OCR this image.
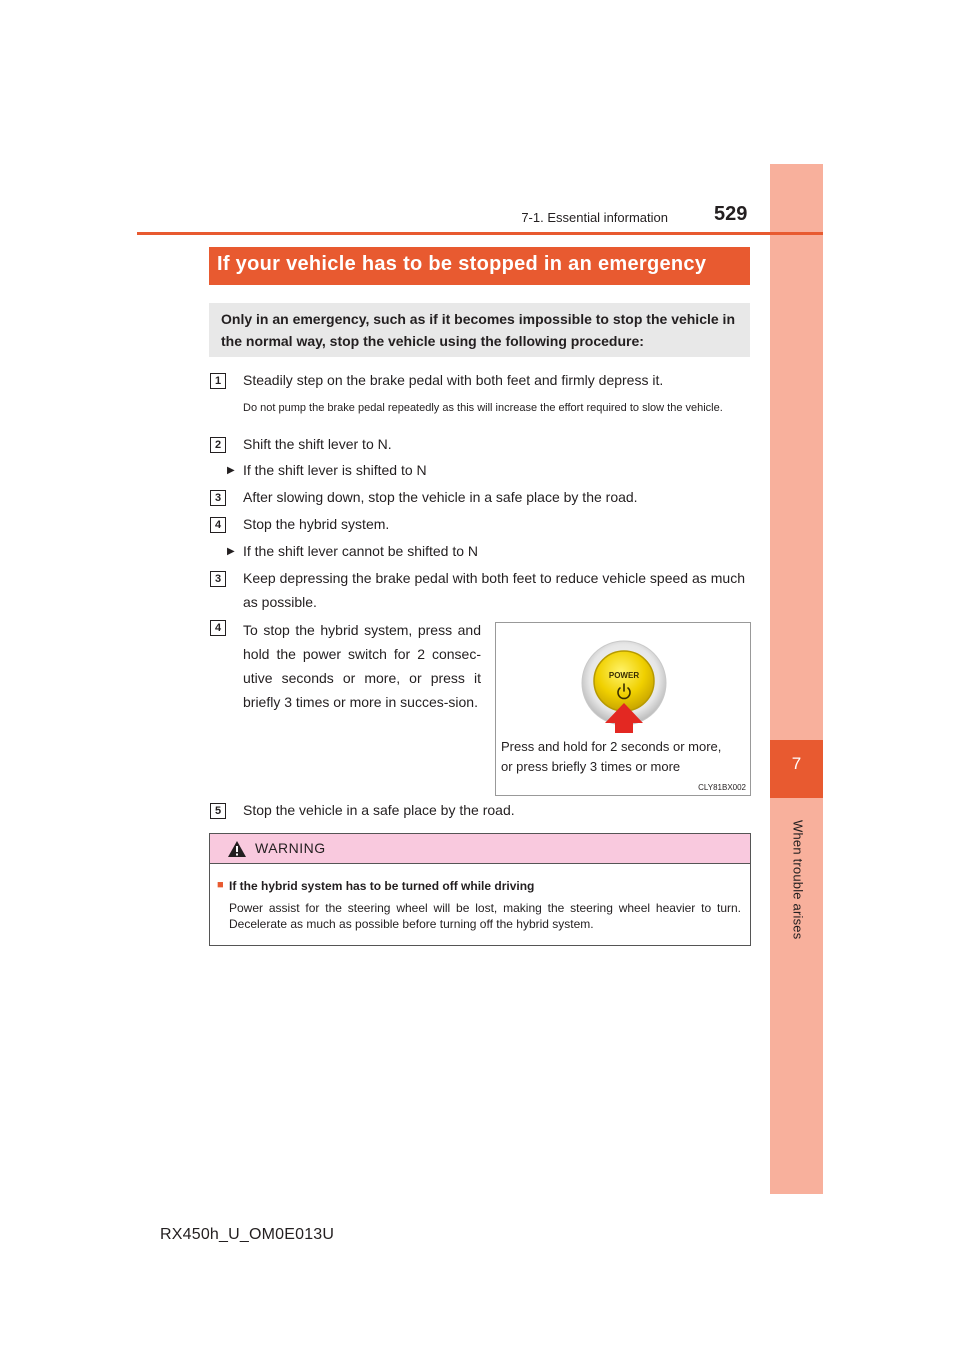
7
When trouble arises
7-1. Essential information 529
If your vehicle has to be stopped in an emergency
Only in an emergency, such as if it becomes impossible to stop the vehicle in the normal way, stop the vehicle using the following procedure:
1	Steadily step on the brake pedal with both feet and firmly depress it.
Do not pump the brake pedal repeatedly as this will increase the effort required to slow the vehicle.
2	Shift the shift lever to N.
▶ If the shift lever is shifted to N
3	After slowing down, stop the vehicle in a safe place by the road.
4	Stop the hybrid system.
▶ If the shift lever cannot be shifted to N
3	Keep depressing the brake pedal with both feet to reduce vehicle speed as much as possible.
4	To stop the hybrid system, press and hold the power switch for 2 consec-utive seconds or more, or press it briefly 3 times or more in succes-sion.
POWER
Press and hold for 2 seconds or more,
or press briefly 3 times or more
CLY81BX002
5	Stop the vehicle in a safe place by the road.
WARNING
■ If the hybrid system has to be turned off while driving
Power assist for the steering wheel will be lost, making the steering wheel heavier to turn. Decelerate as much as possible before turning off the hybrid system.
RX450h_U_OM0E013U
